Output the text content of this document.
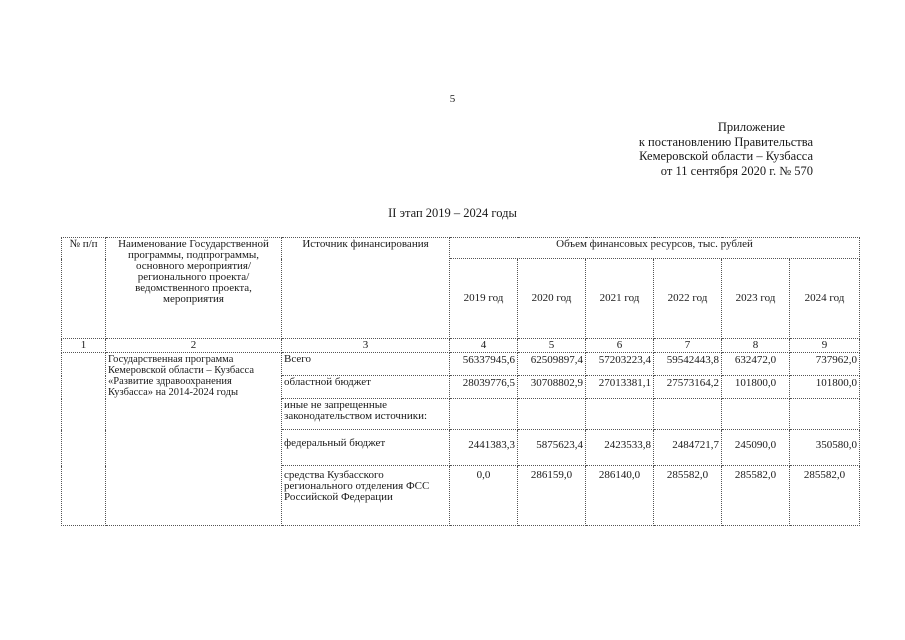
5
Приложение
к постановлению Правительства
Кемеровской области – Кузбасса
от 11 сентября 2020 г. № 570
II этап 2019 – 2024 годы
№ п/п	Наименование Государственной программы, подпрограммы, основного мероприятия/регионального проекта/ведомственного проекта, мероприятия	Источник финансирования	Объем финансовых ресурсов, тыс. рублей					
			2019 год	2020 год	2021 год	2022 год	2023 год	2024 год
1	2	3	4	5	6	7	8	9
	Государственная программа Кемеровской области – Кузбасса «Развитие здравоохранения Кузбасса» на 2014-2024 годы	Всего	56337945,6	62509897,4	57203223,4	59542443,8	632472,0	737962,0
		областной бюджет	28039776,5	30708802,9	27013381,1	27573164,2	101800,0	101800,0
		иные не запрещенные законодательством источники:						
		федеральный бюджет	2441383,3	5875623,4	2423533,8	2484721,7	245090,0	350580,0
		средства Кузбасского регионального отделения ФСС Российской Федерации	0,0	286159,0	286140,0	285582,0	285582,0	285582,0
